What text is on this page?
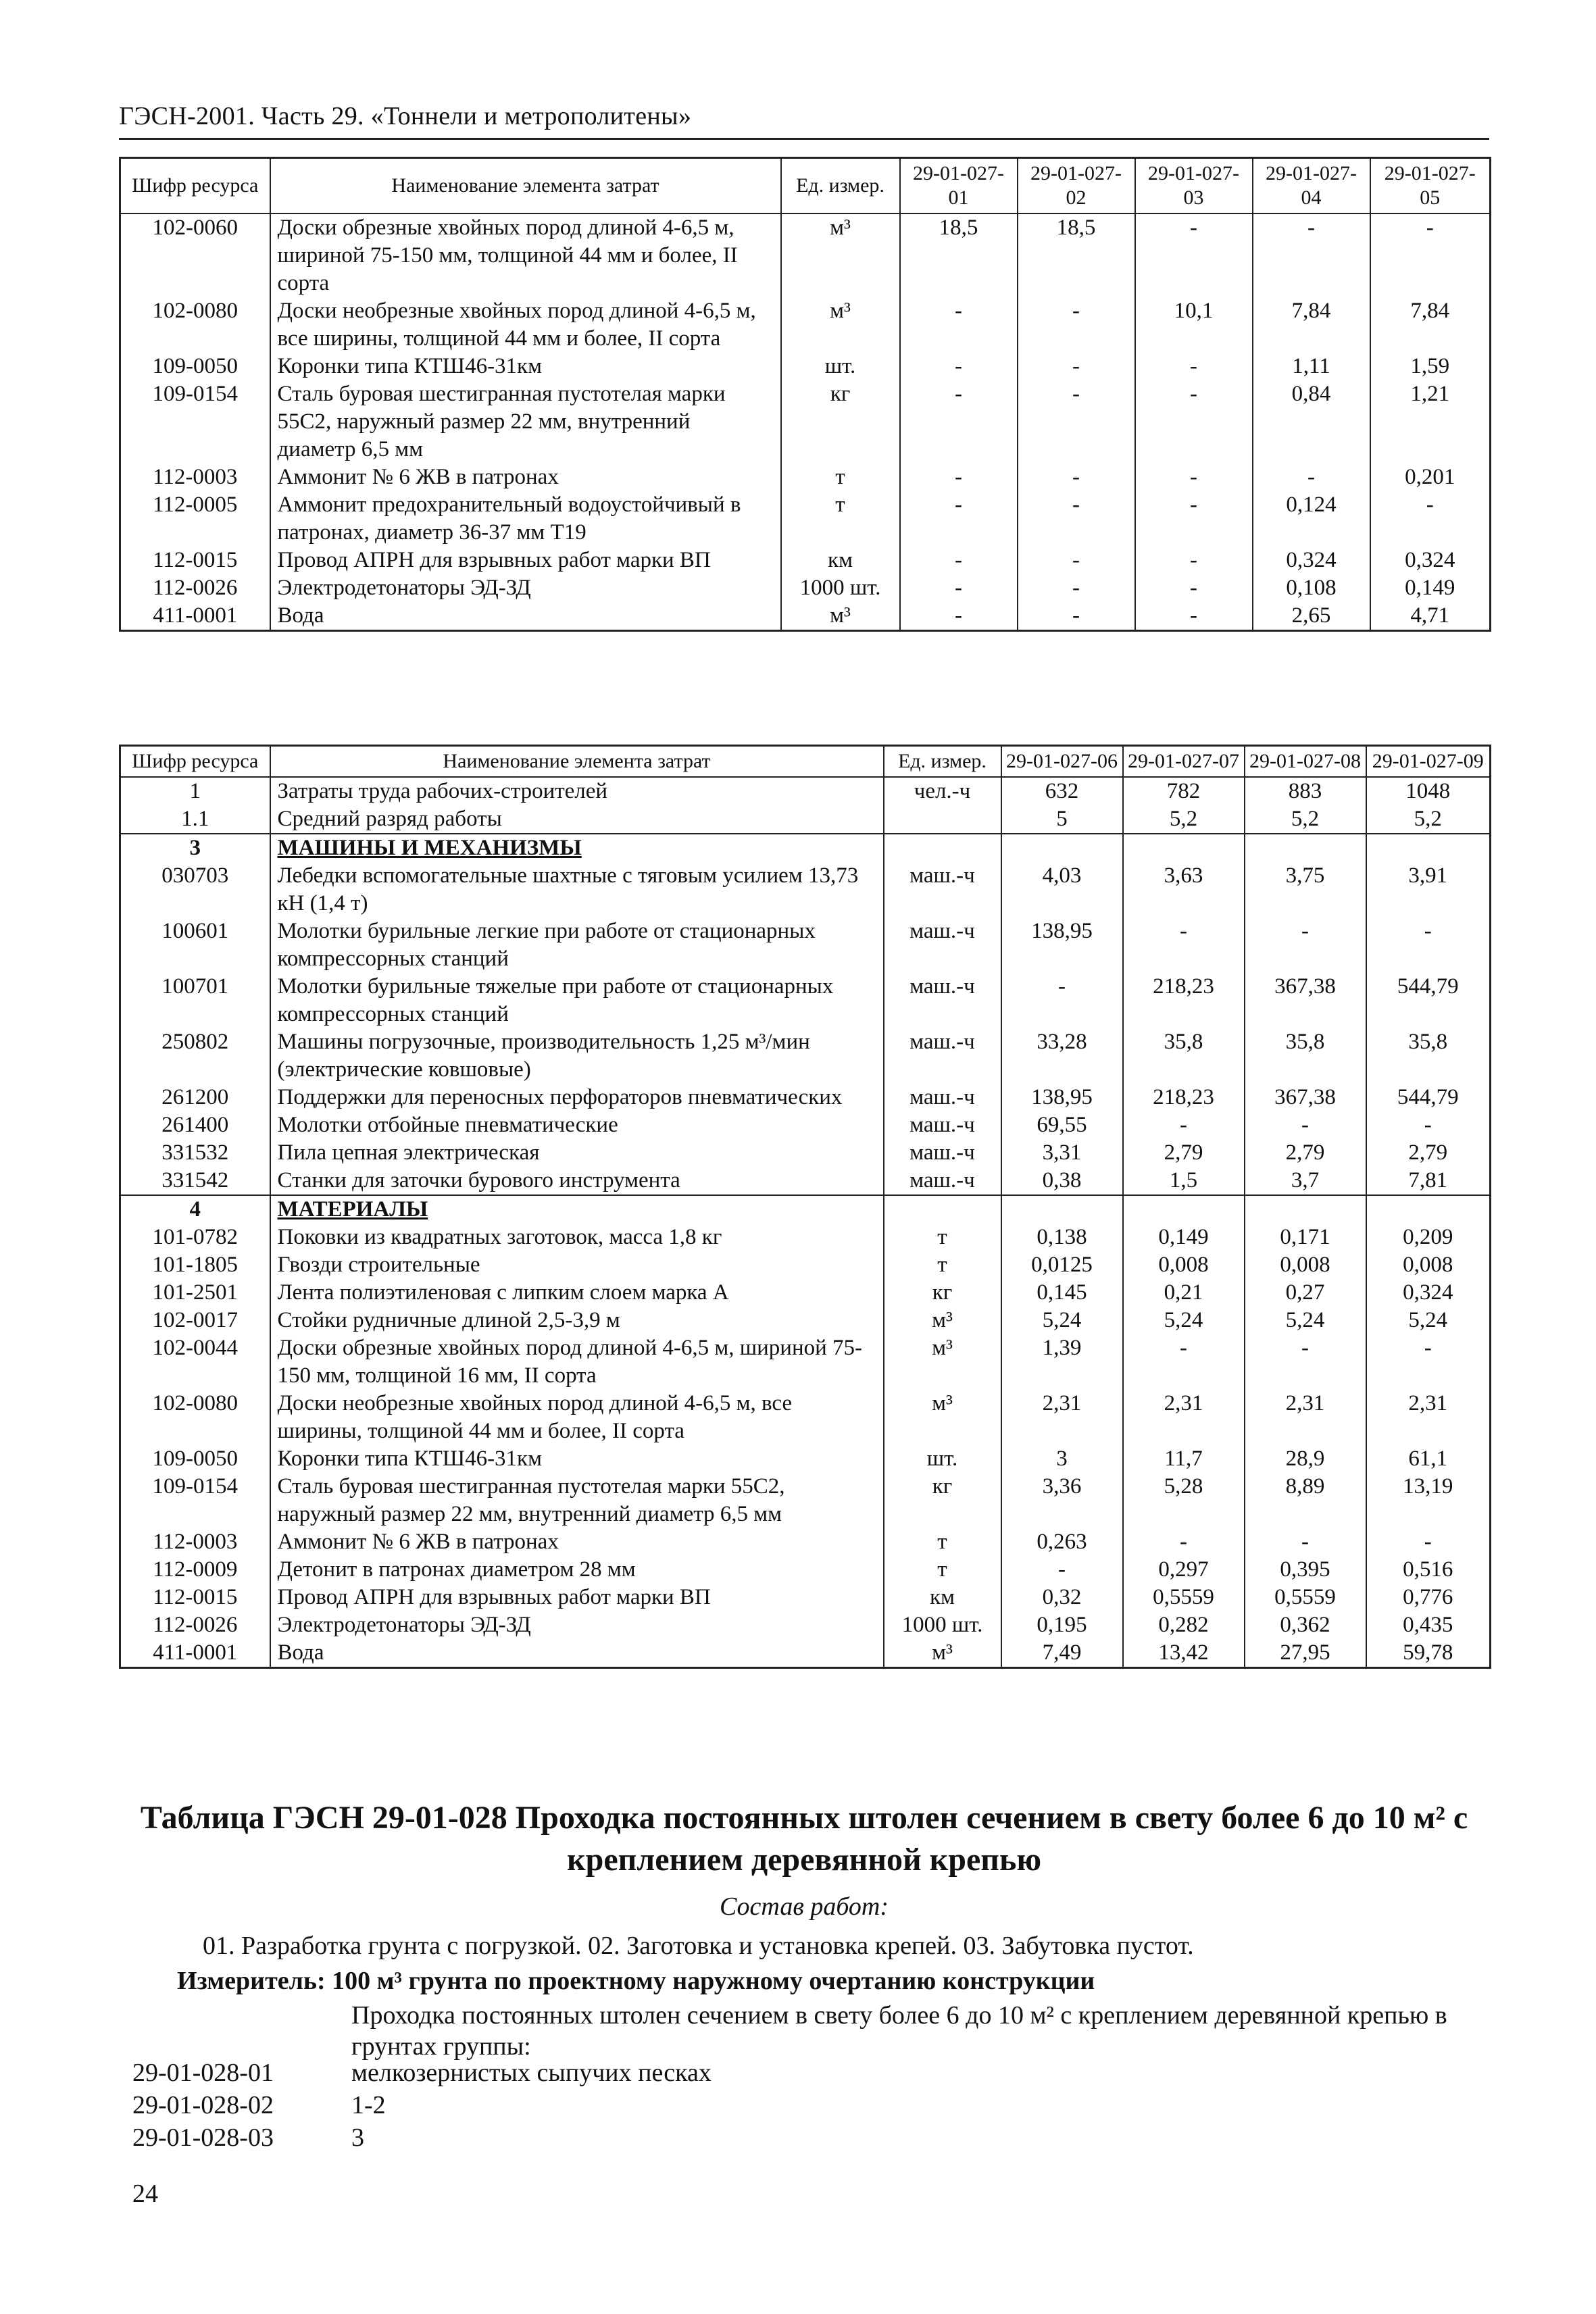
ГЭСН-2001. Часть 29. «Тоннели и метрополитены»
Шифр ресурса	Наименование элемента затрат	Ед. измер.	29-01-027-01	29-01-027-02	29-01-027-03	29-01-027-04	29-01-027-05
102-0060	Доски обрезные хвойных пород длиной 4-6,5 м, шириной 75-150 мм, толщиной 44 мм и более, II сорта	м³	18,5	18,5	-	-	-
102-0080	Доски необрезные хвойных пород длиной 4-6,5 м, все ширины, толщиной 44 мм и более, II сорта	м³	-	-	10,1	7,84	7,84
109-0050	Коронки типа КТШ46-31км	шт.	-	-	-	1,11	1,59
109-0154	Сталь буровая шестигранная пустотелая марки 55С2, наружный размер 22 мм, внутренний диаметр 6,5 мм	кг	-	-	-	0,84	1,21
112-0003	Аммонит № 6 ЖВ в патронах	т	-	-	-	-	0,201
112-0005	Аммонит предохранительный водоустойчивый в патронах, диаметр 36-37 мм Т19	т	-	-	-	0,124	-
112-0015	Провод АПРН для взрывных работ марки ВП	км	-	-	-	0,324	0,324
112-0026	Электродетонаторы ЭД-ЗД	1000 шт.	-	-	-	0,108	0,149
411-0001	Вода	м³	-	-	-	2,65	4,71
Шифр ресурса	Наименование элемента затрат	Ед. измер.	29-01-027-06	29-01-027-07	29-01-027-08	29-01-027-09
1	Затраты труда рабочих-строителей	чел.-ч	632	782	883	1048
1.1	Средний разряд работы		5	5,2	5,2	5,2
3	МАШИНЫ И МЕХАНИЗМЫ					
030703	Лебедки вспомогательные шахтные с тяговым усилием 13,73 кН (1,4 т)	маш.-ч	4,03	3,63	3,75	3,91
100601	Молотки бурильные легкие при работе от стационарных компрессорных станций	маш.-ч	138,95	-	-	-
100701	Молотки бурильные тяжелые при работе от стационарных компрессорных станций	маш.-ч	-	218,23	367,38	544,79
250802	Машины погрузочные, производительность 1,25 м³/мин (электрические ковшовые)	маш.-ч	33,28	35,8	35,8	35,8
261200	Поддержки для переносных перфораторов пневматических	маш.-ч	138,95	218,23	367,38	544,79
261400	Молотки отбойные пневматические	маш.-ч	69,55	-	-	-
331532	Пила цепная электрическая	маш.-ч	3,31	2,79	2,79	2,79
331542	Станки для заточки бурового инструмента	маш.-ч	0,38	1,5	3,7	7,81
4	МАТЕРИАЛЫ					
101-0782	Поковки из квадратных заготовок, масса 1,8 кг	т	0,138	0,149	0,171	0,209
101-1805	Гвозди строительные	т	0,0125	0,008	0,008	0,008
101-2501	Лента полиэтиленовая с липким слоем марка А	кг	0,145	0,21	0,27	0,324
102-0017	Стойки рудничные длиной 2,5-3,9 м	м³	5,24	5,24	5,24	5,24
102-0044	Доски обрезные хвойных пород длиной 4-6,5 м, шириной 75-150 мм, толщиной 16 мм, II сорта	м³	1,39	-	-	-
102-0080	Доски необрезные хвойных пород длиной 4-6,5 м, все ширины, толщиной 44 мм и более, II сорта	м³	2,31	2,31	2,31	2,31
109-0050	Коронки типа КТШ46-31км	шт.	3	11,7	28,9	61,1
109-0154	Сталь буровая шестигранная пустотелая марки 55С2, наружный размер 22 мм, внутренний диаметр 6,5 мм	кг	3,36	5,28	8,89	13,19
112-0003	Аммонит № 6 ЖВ в патронах	т	0,263	-	-	-
112-0009	Детонит в патронах диаметром 28 мм	т	-	0,297	0,395	0,516
112-0015	Провод АПРН для взрывных работ марки ВП	км	0,32	0,5559	0,5559	0,776
112-0026	Электродетонаторы ЭД-ЗД	1000 шт.	0,195	0,282	0,362	0,435
411-0001	Вода	м³	7,49	13,42	27,95	59,78
Таблица ГЭСН 29-01-028 Проходка постоянных штолен сечением в свету более 6 до 10 м² с креплением деревянной крепью
Состав работ:
01. Разработка грунта с погрузкой. 02. Заготовка и установка крепей. 03. Забутовка пустот.
Измеритель: 100 м³ грунта по проектному наружному очертанию конструкции
Проходка постоянных штолен сечением в свету более 6 до 10 м² с креплением деревянной крепью в грунтах группы:
29-01-028-01	мелкозернистых сыпучих песках
29-01-028-02	1-2
29-01-028-03	3
24
